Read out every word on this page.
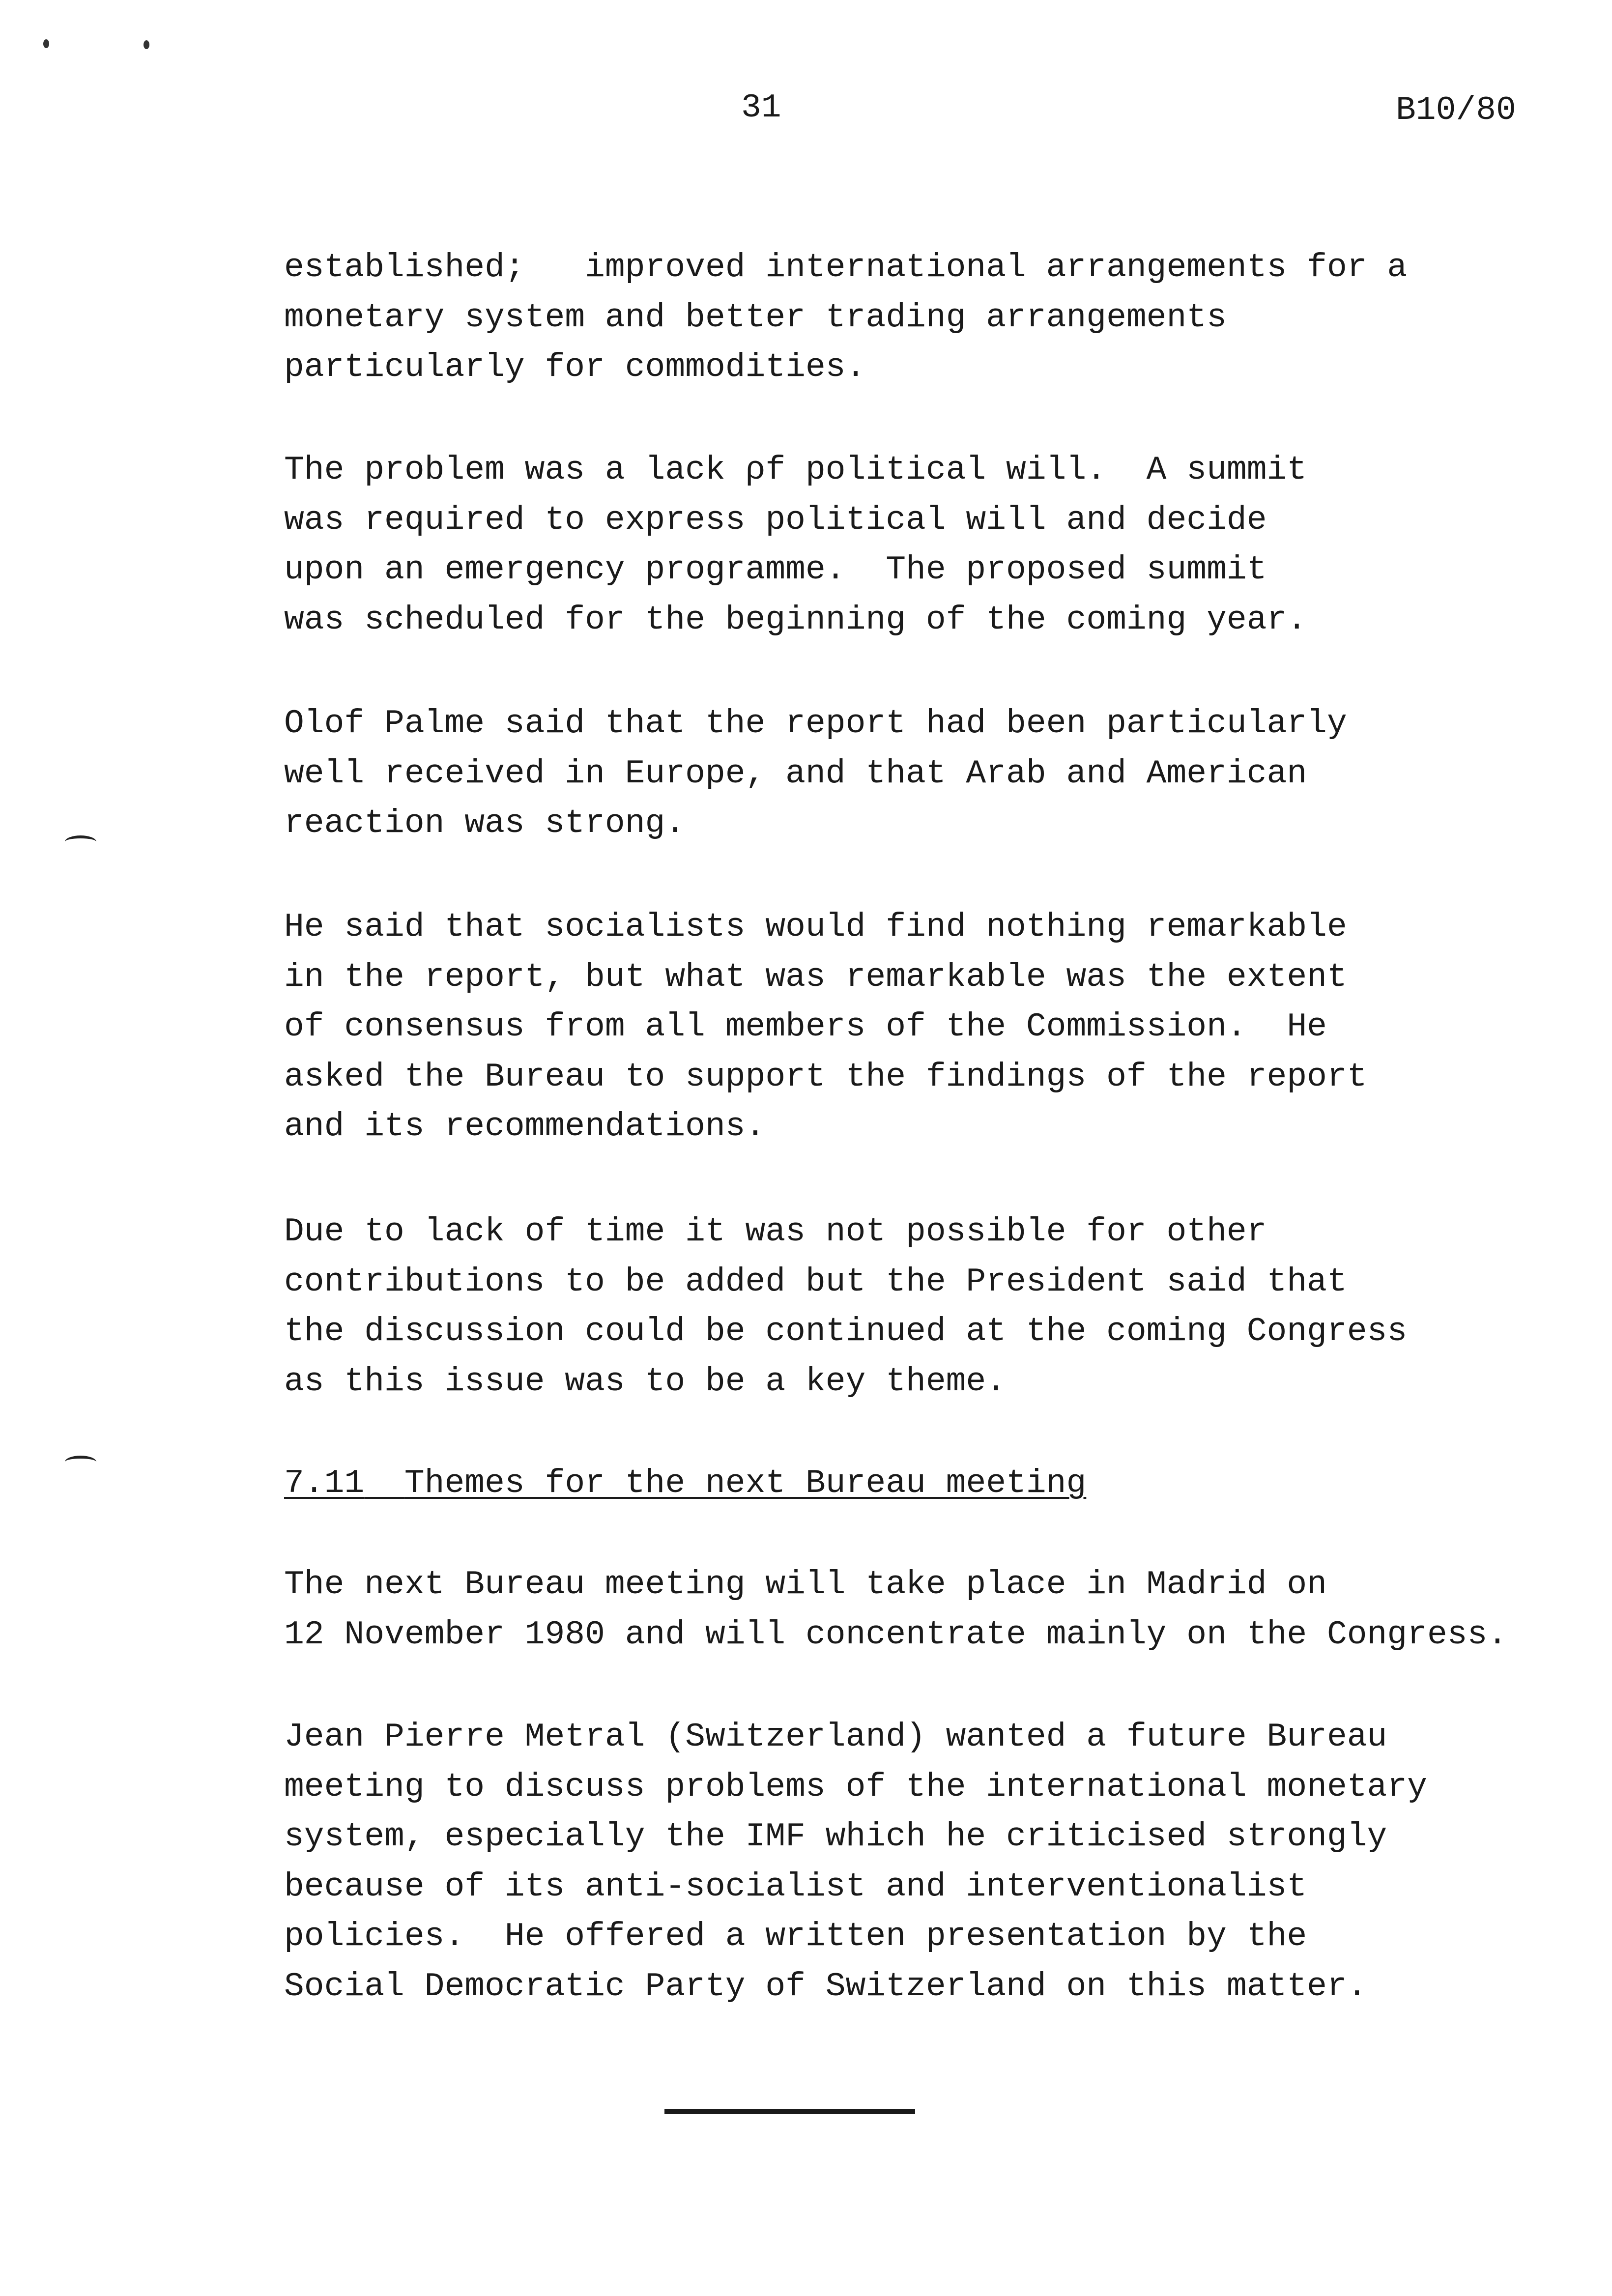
31	B10/80
established;   improved international arrangements for a
monetary system and better trading arrangements
particularly for commodities.
The problem was a lack ρf political will.  A summit
was required to express political will and decide
upon an emergency programme.  The proposed summit
was scheduled for the beginning of the coming year.
Olof Palme said that the report had been particularly
well received in Europe, and that Arab and American
reaction was strong.
He said that socialists would find nothing remarkable
in the report, but what was remarkable was the extent
of consensus from all members of the Commission.  He
asked the Bureau to support the findings of the report
and its recommendations.
Due to lack of time it was not possible for other
contributions to be added but the President said that
the discussion could be continued at the coming Congress
as this issue was to be a key theme.
7.11 Themes for the next Bureau meeting
The next Bureau meeting will take place in Madrid on
12 November 1980 and will concentrate mainly on the Congress.
Jean Pierre Metral (Switzerland) wanted a future Bureau
meeting to discuss problems of the international monetary
system, especially the IMF which he criticised strongly
because of its anti-socialist and interventionalist
policies.  He offered a written presentation by the
Social Democratic Party of Switzerland on this matter.
